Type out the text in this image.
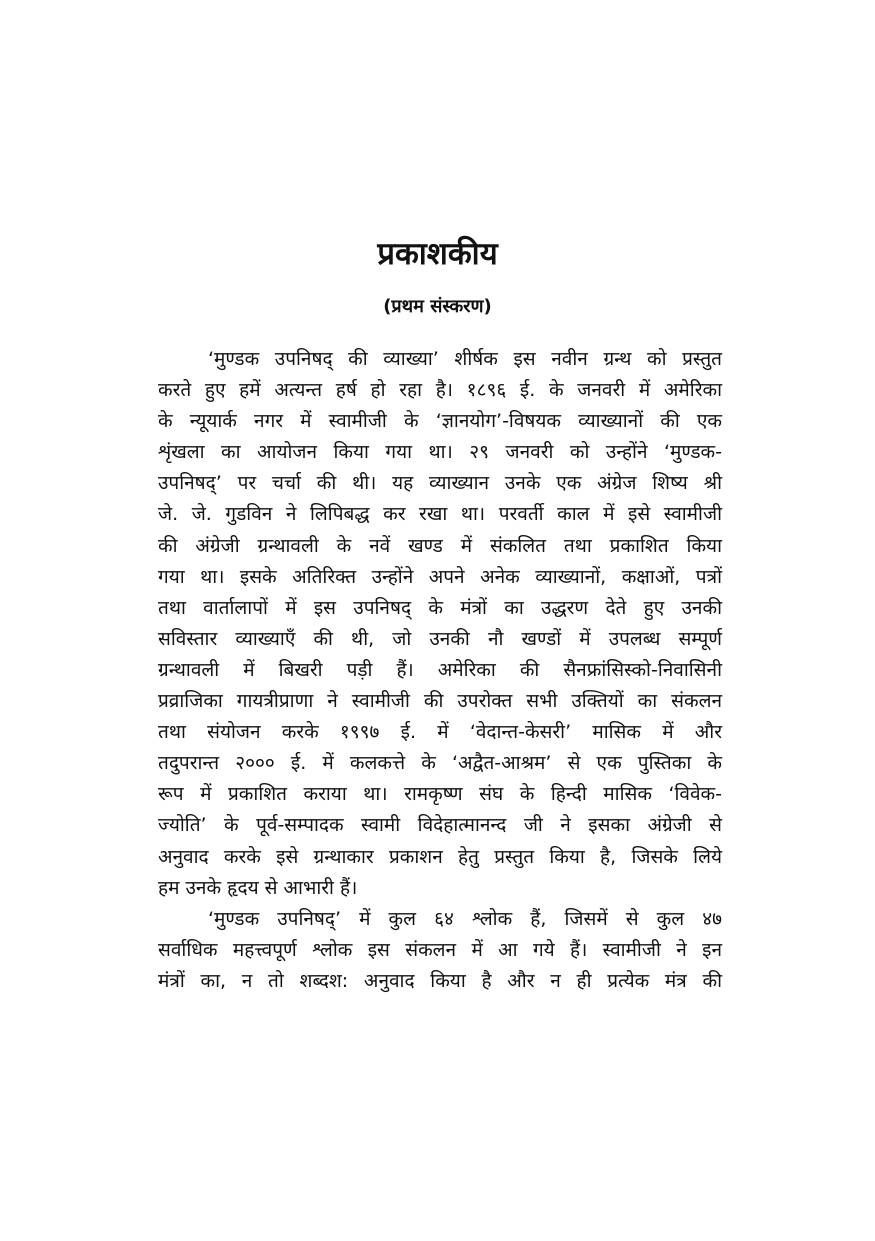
प्रकाशकीय
(प्रथम संस्करण)
‘मुण्डक उपनिषद् की व्याख्या’ शीर्षक इस नवीन ग्रन्थ को प्रस्तुत
करते हुए हमें अत्यन्त हर्ष हो रहा है। १८९६ ई. के जनवरी में अमेरिका
के न्यूयार्क नगर में स्वामीजी के ‘ज्ञानयोग’-विषयक व्याख्यानों की एक
शृंखला का आयोजन किया गया था। २९ जनवरी को उन्होंने ‘मुण्डक-
उपनिषद्’ पर चर्चा की थी। यह व्याख्यान उनके एक अंग्रेज शिष्य श्री
जे. जे. गुडविन ने लिपिबद्ध कर रखा था। परवर्ती काल में इसे स्वामीजी
की अंग्रेजी ग्रन्थावली के नवें खण्ड में संकलित तथा प्रकाशित किया
गया था। इसके अतिरिक्त उन्होंने अपने अनेक व्याख्यानों, कक्षाओं, पत्रों
तथा वार्तालापों में इस उपनिषद् के मंत्रों का उद्धरण देते हुए उनकी
सविस्तार व्याख्याएँ की थी, जो उनकी नौ खण्डों में उपलब्ध सम्पूर्ण
ग्रन्थावली में बिखरी पड़ी हैं। अमेरिका की सैनफ्रांसिस्को-निवासिनी
प्रव्राजिका गायत्रीप्राणा ने स्वामीजी की उपरोक्त सभी उक्तियों का संकलन
तथा संयोजन करके १९९७ ई. में ‘वेदान्त-केसरी’ मासिक में और
तदुपरान्त २००० ई. में कलकत्ते के ‘अद्वैत-आश्रम’ से एक पुस्तिका के
रूप में प्रकाशित कराया था। रामकृष्ण संघ के हिन्दी मासिक ‘विवेक-
ज्योति’ के पूर्व-सम्पादक स्वामी विदेहात्मानन्द जी ने इसका अंग्रेजी से
अनुवाद करके इसे ग्रन्थाकार प्रकाशन हेतु प्रस्तुत किया है, जिसके लिये
हम उनके हृदय से आभारी हैं।
‘मुण्डक उपनिषद्’ में कुल ६४ श्लोक हैं, जिसमें से कुल ४७
सर्वाधिक महत्त्वपूर्ण श्लोक इस संकलन में आ गये हैं। स्वामीजी ने इन
मंत्रों का, न तो शब्दश: अनुवाद किया है और न ही प्रत्येक मंत्र की
